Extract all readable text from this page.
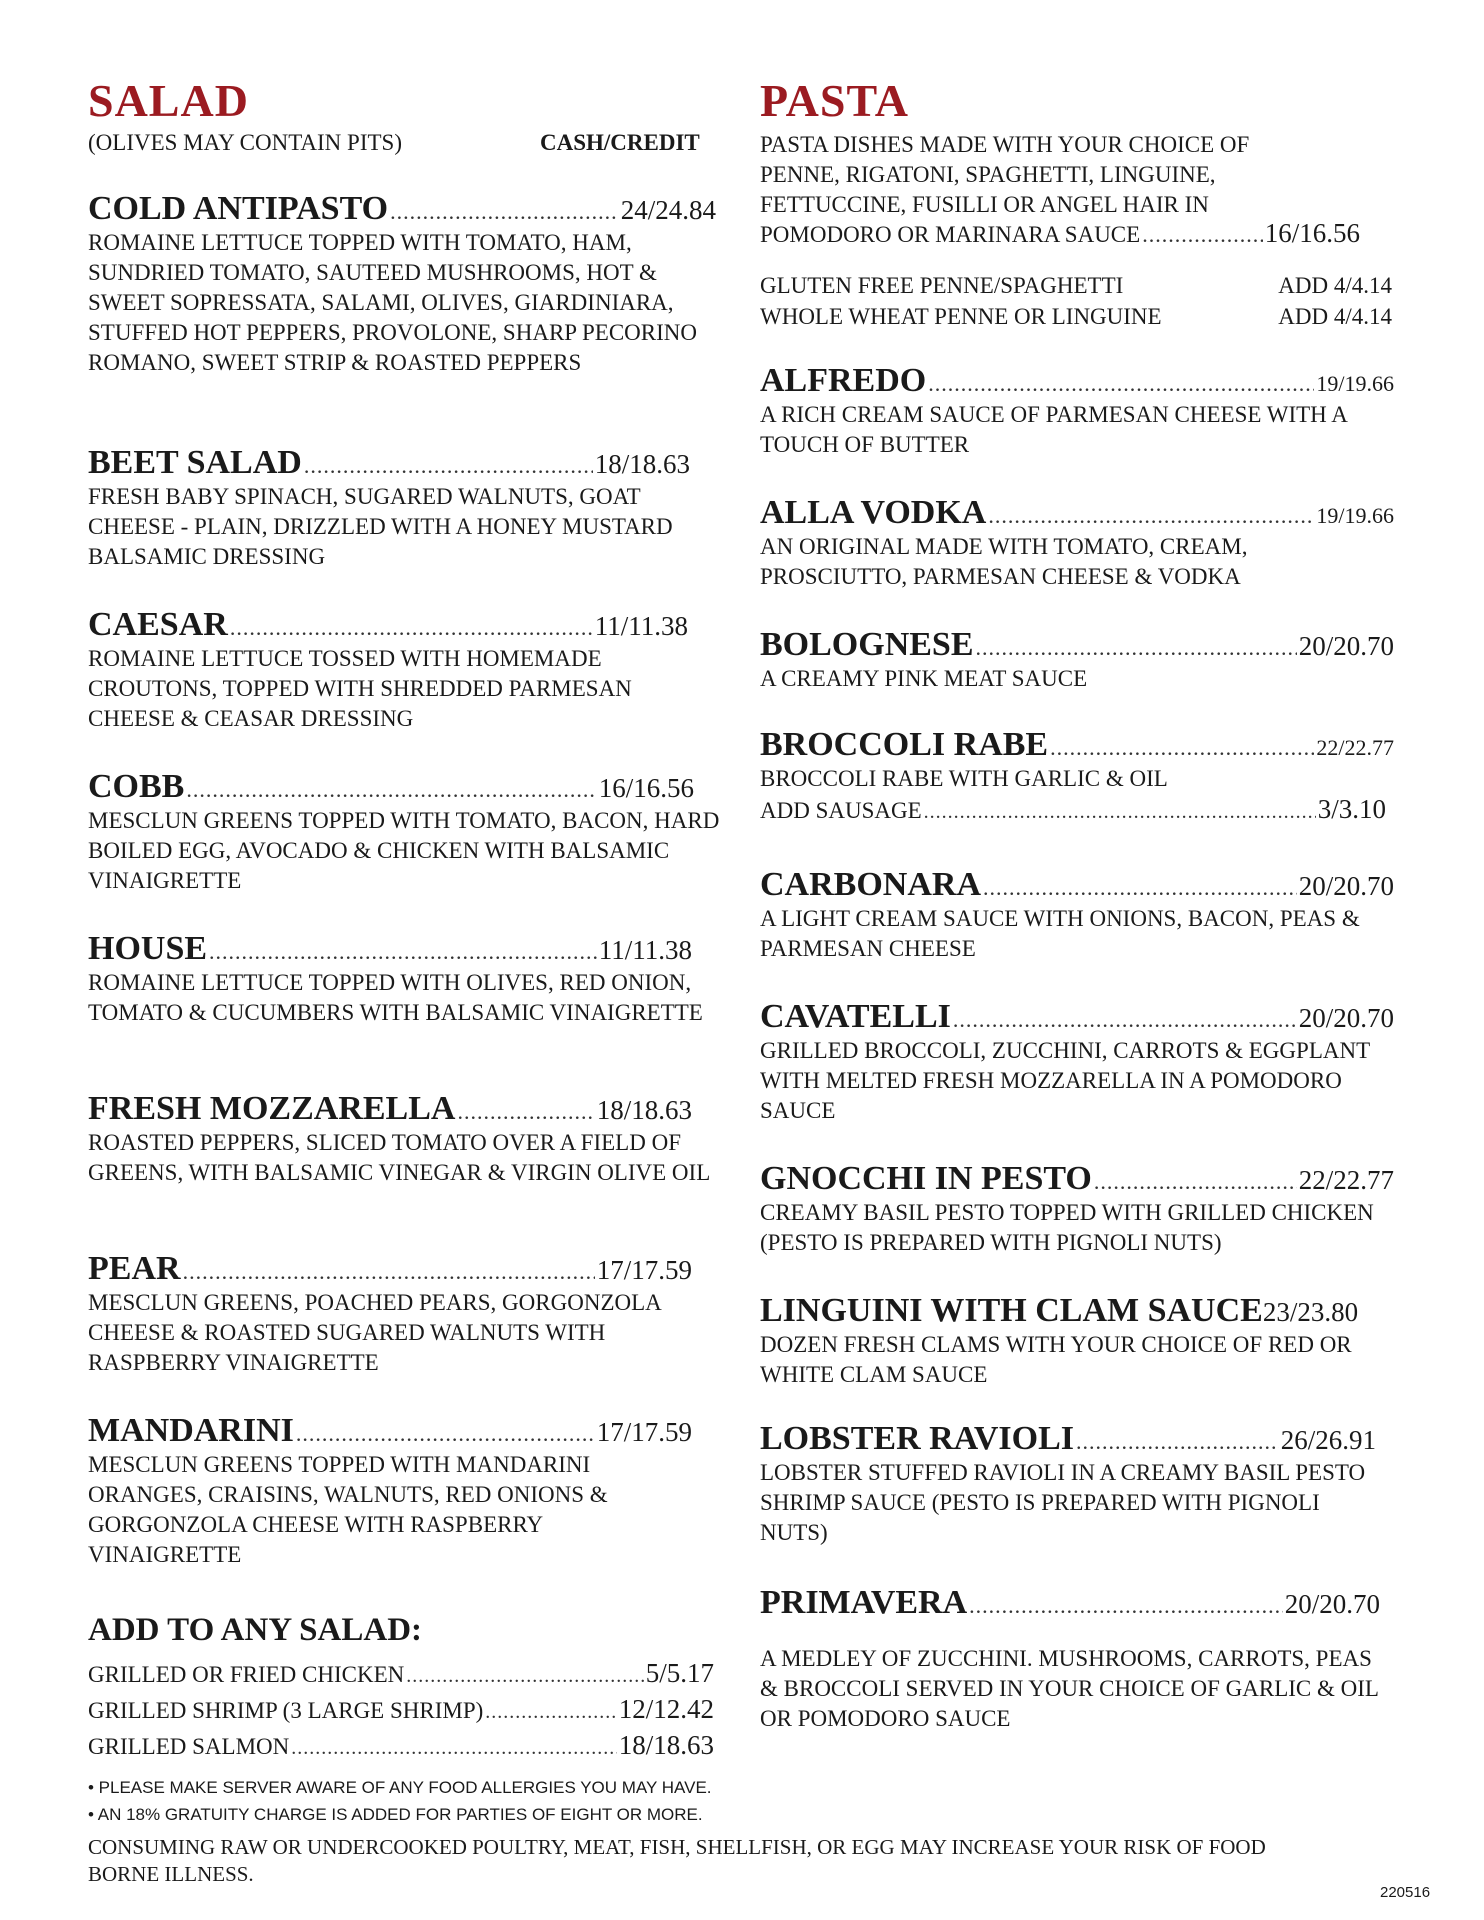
SALAD
(OLIVES MAY CONTAIN PITS)	CASH/CREDIT
COLD ANTIPASTO .....	24/24.84
ROMAINE LETTUCE TOPPED WITH TOMATO, HAM, SUNDRIED TOMATO, SAUTEED MUSHROOMS, HOT & SWEET SOPRESSATA, SALAMI, OLIVES, GIARDINIARA, STUFFED HOT PEPPERS, PROVOLONE, SHARP PECORINO ROMANO, SWEET STRIP & ROASTED PEPPERS
BEET SALAD .....	18/18.63
FRESH BABY SPINACH, SUGARED WALNUTS, GOAT CHEESE - PLAIN, DRIZZLED WITH A HONEY MUSTARD BALSAMIC DRESSING
CAESAR .....	11/11.38
ROMAINE LETTUCE TOSSED WITH HOMEMADE CROUTONS, TOPPED WITH SHREDDED PARMESAN CHEESE & CEASAR DRESSING
COBB .....	16/16.56
MESCLUN GREENS TOPPED WITH TOMATO, BACON, HARD BOILED EGG, AVOCADO & CHICKEN WITH BALSAMIC VINAIGRETTE
HOUSE .....	11/11.38
ROMAINE LETTUCE TOPPED WITH OLIVES, RED ONION, TOMATO & CUCUMBERS WITH BALSAMIC VINAIGRETTE
FRESH MOZZARELLA .....	18/18.63
ROASTED PEPPERS, SLICED TOMATO OVER A FIELD OF GREENS, WITH BALSAMIC VINEGAR & VIRGIN OLIVE OIL
PEAR .....	17/17.59
MESCLUN GREENS, POACHED PEARS, GORGONZOLA CHEESE & ROASTED SUGARED WALNUTS WITH RASPBERRY VINAIGRETTE
MANDARINI .....	17/17.59
MESCLUN GREENS TOPPED WITH MANDARINI ORANGES, CRAISINS, WALNUTS, RED ONIONS & GORGONZOLA CHEESE WITH RASPBERRY VINAIGRETTE
ADD TO ANY SALAD:
GRILLED OR FRIED CHICKEN .....	5/5.17
GRILLED SHRIMP (3 LARGE SHRIMP) .....	12/12.42
GRILLED SALMON .....	18/18.63
PASTA
PASTA DISHES MADE WITH YOUR CHOICE OF PENNE, RIGATONI, SPAGHETTI, LINGUINE, FETTUCCINE, FUSILLI OR ANGEL HAIR IN
POMODORO OR MARINARA SAUCE .....	16/16.56
GLUTEN FREE PENNE/SPAGHETTI	ADD 4/4.14
WHOLE WHEAT PENNE OR LINGUINE	ADD 4/4.14
ALFREDO .....	19/19.66
A RICH CREAM SAUCE OF PARMESAN CHEESE WITH A TOUCH OF BUTTER
ALLA VODKA .....	19/19.66
AN ORIGINAL MADE WITH TOMATO, CREAM, PROSCIUTTO, PARMESAN CHEESE & VODKA
BOLOGNESE .....	20/20.70
A CREAMY PINK MEAT SAUCE
BROCCOLI RABE .....	22/22.77
BROCCOLI RABE WITH GARLIC & OIL
ADD SAUSAGE .....	3/3.10
CARBONARA .....	20/20.70
A LIGHT CREAM SAUCE WITH ONIONS, BACON, PEAS & PARMESAN CHEESE
CAVATELLI .....	20/20.70
GRILLED BROCCOLI, ZUCCHINI, CARROTS & EGGPLANT WITH MELTED FRESH MOZZARELLA IN A POMODORO SAUCE
GNOCCHI IN PESTO .....	22/22.77
CREAMY BASIL PESTO TOPPED WITH GRILLED CHICKEN (PESTO IS PREPARED WITH PIGNOLI NUTS)
LINGUINI WITH CLAM SAUCE 23/23.80
DOZEN FRESH CLAMS WITH YOUR CHOICE OF RED OR WHITE CLAM SAUCE
LOBSTER RAVIOLI .....	26/26.91
LOBSTER STUFFED RAVIOLI IN A CREAMY BASIL PESTO SHRIMP SAUCE (PESTO IS PREPARED WITH PIGNOLI NUTS)
PRIMAVERA .....	20/20.70
A MEDLEY OF ZUCCHINI. MUSHROOMS, CARROTS, PEAS & BROCCOLI SERVED IN YOUR CHOICE OF GARLIC & OIL OR POMODORO SAUCE
• PLEASE MAKE SERVER AWARE OF ANY FOOD ALLERGIES YOU MAY HAVE.
• AN 18% GRATUITY CHARGE IS ADDED FOR PARTIES OF EIGHT OR MORE.
CONSUMING RAW OR UNDERCOOKED POULTRY, MEAT, FISH, SHELLFISH, OR EGG MAY INCREASE YOUR RISK OF FOOD BORNE ILLNESS.
220516
